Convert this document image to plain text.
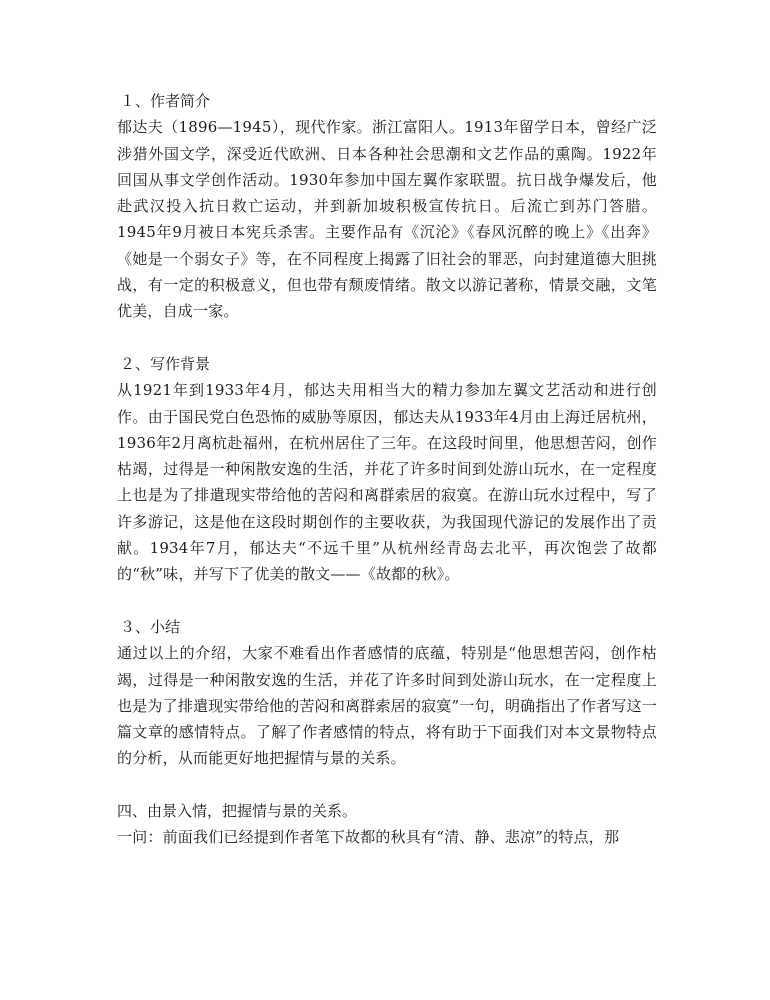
１、作者简介

郁达夫（1896—1945），现代作家。浙江富阳人。1913年留学日本，曾经广泛涉猎外国文学，深受近代欧洲、日本各种社会思潮和文艺作品的熏陶。1922年回国从事文学创作活动。1930年参加中国左翼作家联盟。抗日战争爆发后，他赴武汉投入抗日救亡运动，并到新加坡积极宣传抗日。后流亡到苏门答腊。1945年9月被日本宪兵杀害。主要作品有《沉沦》《春风沉醉的晚上》《出奔》《她是一个弱女子》等，在不同程度上揭露了旧社会的罪恶，向封建道德大胆挑战，有一定的积极意义，但也带有颓废情绪。散文以游记著称，情景交融，文笔优美，自成一家。

２、写作背景

从1921年到1933年4月，郁达夫用相当大的精力参加左翼文艺活动和进行创作。由于国民党白色恐怖的威胁等原因，郁达夫从1933年4月由上海迁居杭州，1936年2月离杭赴福州，在杭州居住了三年。在这段时间里，他思想苦闷，创作枯竭，过得是一种闲散安逸的生活，并花了许多时间到处游山玩水，在一定程度上也是为了排遣现实带给他的苦闷和离群索居的寂寞。在游山玩水过程中，写了许多游记，这是他在这段时期创作的主要收获，为我国现代游记的发展作出了贡献。1934年7月，郁达夫“不远千里”从杭州经青岛去北平，再次饱尝了故都的“秋”味，并写下了优美的散文——《故都的秋》。

３、小结

通过以上的介绍，大家不难看出作者感情的底蕴，特别是“他思想苦闷，创作枯竭，过得是一种闲散安逸的生活，并花了许多时间到处游山玩水，在一定程度上也是为了排遣现实带给他的苦闷和离群索居的寂寞”一句，明确指出了作者写这一篇文章的感情特点。了解了作者感情的特点，将有助于下面我们对本文景物特点的分析，从而能更好地把握情与景的关系。

四、由景入情，把握情与景的关系。

一问：前面我们已经提到作者笔下故都的秋具有“清、静、悲凉”的特点，那
